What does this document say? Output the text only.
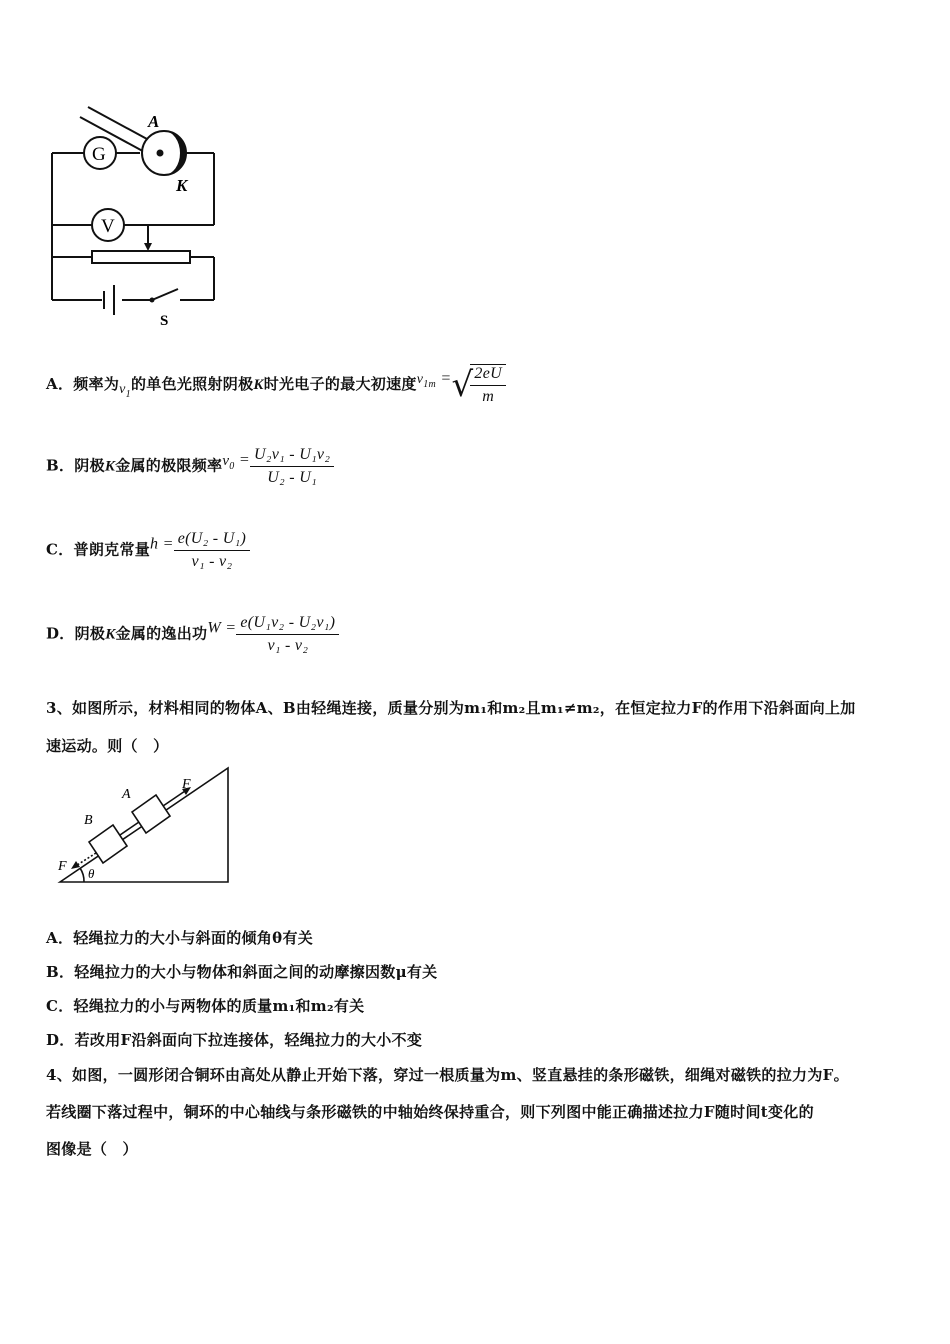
G
V
A
K
S
A．频率为$v_1$的单色光照射阴极K时光电子的最大初速度$v_{1m}$ =√
$\frac{2eU}{m}$
B．阴极K金属的极限频率$v_0 = \frac{\text{U₂v₁ - U₁v₂}}{\text{U₂ - U₁}}$
C．普朗克常量$h = \frac{\text{e(U₂ - U₁)}}{\text{v₁ - v₂}}$
D．阴极K金属的逸出功$W = \frac{\text{e(U₁v₂ - U₂v₁)}}{\text{v₁ - v₂}}$
3、如图所示，材料相同的物体A、B由轻绳连接，质量分别为m₁和m₂且m₁≠m₂，在恒定拉力F的作用下沿斜面向上加
速运动。则（　）
A
B
F
F θ
A．轻绳拉力的大小与斜面的倾角θ有关
B．轻绳拉力的大小与物体和斜面之间的动摩擦因数μ有关
C．轻绳拉力的小与两物体的质量m₁和m₂有关
D．若改用F沿斜面向下拉连接体，轻绳拉力的大小不变
4、如图，一圆形闭合铜环由高处从静止开始下落，穿过一根质量为m、竖直悬挂的条形磁铁，细绳对磁铁的拉力为F。
若线圈下落过程中，铜环的中心轴线与条形磁铁的中轴始终保持重合，则下列图中能正确描述拉力F随时间t变化的
图像是（　）
